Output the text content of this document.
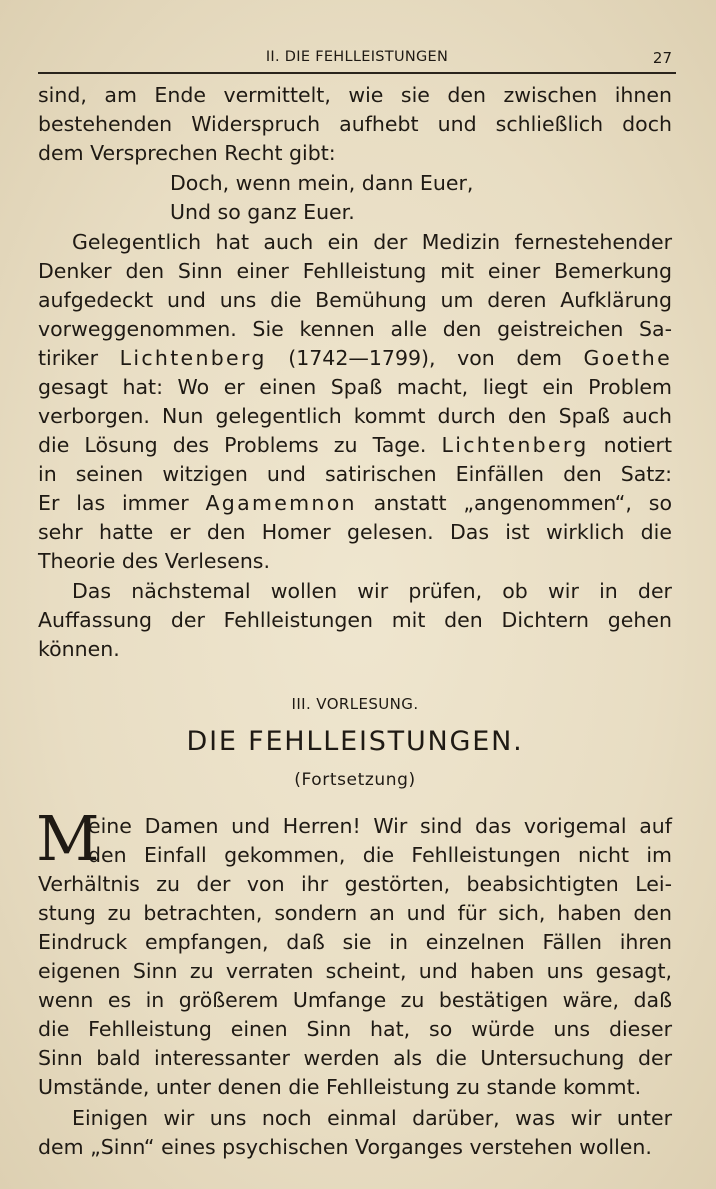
II. DIE FEHLLEISTUNGEN	27
sind, am Ende vermittelt, wie sie den zwischen ihnen
bestehenden Widerspruch aufhebt und schließlich doch
dem Versprechen Recht gibt:
Doch, wenn mein, dann Euer,
Und so ganz Euer.
Gelegentlich hat auch ein der Medizin fernestehender
Denker den Sinn einer Fehlleistung mit einer Bemerkung
aufgedeckt und uns die Bemühung um deren Aufklärung
vorweggenommen. Sie kennen alle den geistreichen Sa-
tiriker Lichtenberg (1742—1799), von dem Goethe
gesagt hat: Wo er einen Spaß macht, liegt ein Problem
verborgen. Nun gelegentlich kommt durch den Spaß auch
die Lösung des Problems zu Tage. Lichtenberg notiert
in seinen witzigen und satirischen Einfällen den Satz:
Er las immer Agamemnon anstatt „angenommen“, so
sehr hatte er den Homer gelesen. Das ist wirklich die
Theorie des Verlesens.
Das nächstemal wollen wir prüfen, ob wir in der
Auffassung der Fehlleistungen mit den Dichtern gehen
können.
III. VORLESUNG.
DIE FEHLLEISTUNGEN.
(Fortsetzung)
M
eine Damen und Herren! Wir sind das vorigemal auf
den Einfall gekommen, die Fehlleistungen nicht im
Verhältnis zu der von ihr gestörten, beabsichtigten Lei-
stung zu betrachten, sondern an und für sich, haben den
Eindruck empfangen, daß sie in einzelnen Fällen ihren
eigenen Sinn zu verraten scheint, und haben uns gesagt,
wenn es in größerem Umfange zu bestätigen wäre, daß
die Fehlleistung einen Sinn hat, so würde uns dieser
Sinn bald interessanter werden als die Untersuchung der
Umstände, unter denen die Fehlleistung zu stande kommt.
Einigen wir uns noch einmal darüber, was wir unter
dem „Sinn“ eines psychischen Vorganges verstehen wollen.
